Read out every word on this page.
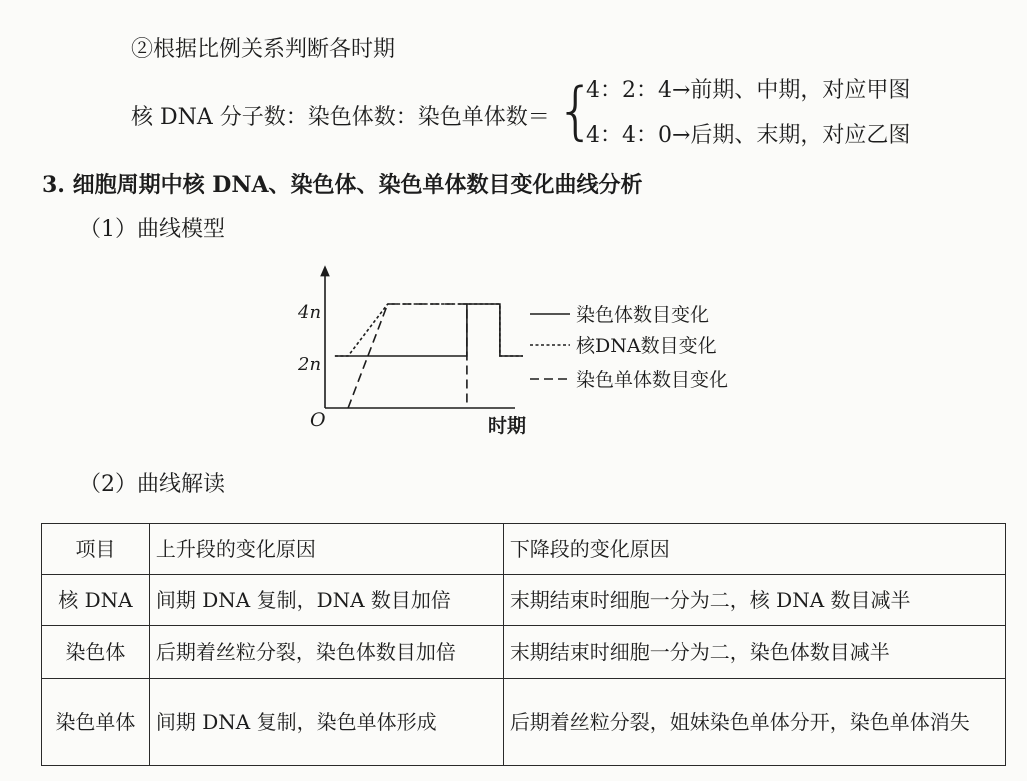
②根据比例关系判断各时期
核 DNA 分子数：染色体数：染色单体数＝ {
4：2：4→前期、中期，对应甲图
4：4：0→后期、末期，对应乙图
3. 细胞周期中核 DNA、染色体、染色单体数目变化曲线分析
（1）曲线模型
4n
2n
O	时期
染色体数目变化
核DNA数目变化
染色单体数目变化
（2）曲线解读
项目	上升段的变化原因	下降段的变化原因
核 DNA	间期 DNA 复制，DNA 数目加倍	末期结束时细胞一分为二，核 DNA 数目减半
染色体	后期着丝粒分裂，染色体数目加倍	末期结束时细胞一分为二，染色体数目减半
染色单体	间期 DNA 复制，染色单体形成	后期着丝粒分裂，姐妹染色单体分开，染色单体消失
